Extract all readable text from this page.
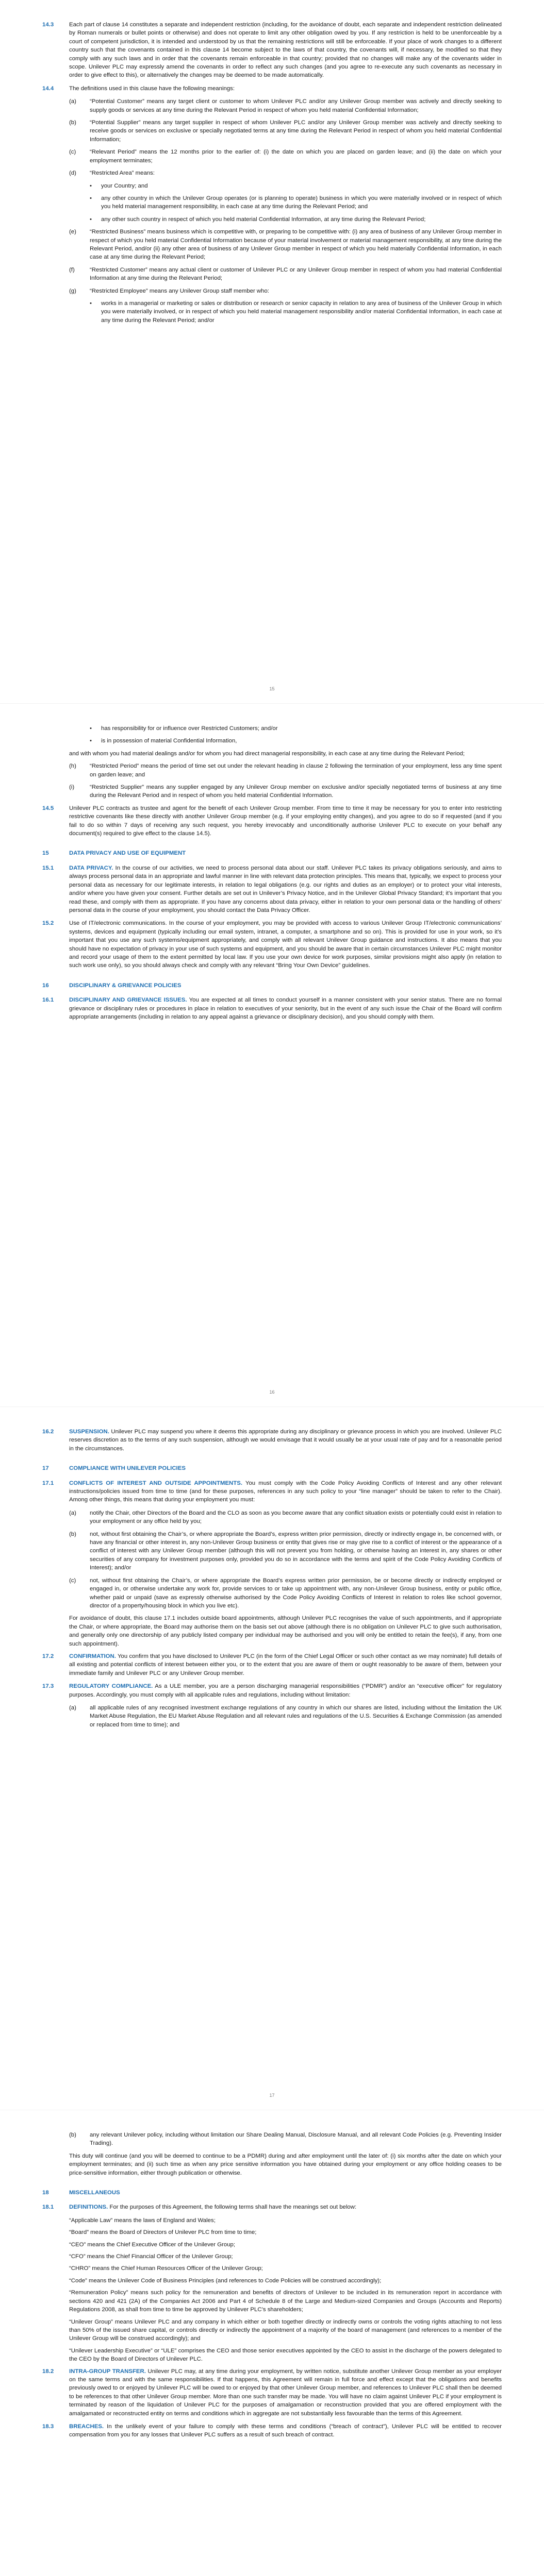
14.3	Each part of clause 14 constitutes a separate and independent restriction (including, for the avoidance of doubt, each separate and independent restriction delineated by Roman numerals or bullet points or otherwise) and does not operate to limit any other obligation owed by you. If any restriction is held to be unenforceable by a court of competent jurisdiction, it is intended and understood by us that the remaining restrictions will still be enforceable. If your place of work changes to a different country such that the covenants contained in this clause 14 become subject to the laws of that country, the covenants will, if necessary, be modified so that they comply with any such laws and in order that the covenants remain enforceable in that country; provided that no changes will make any of the covenants wider in scope. Unilever PLC may expressly amend the covenants in order to reflect any such changes (and you agree to re-execute any such covenants as necessary in order to give effect to this), or alternatively the changes may be deemed to be made automatically.
14.4	The definitions used in this clause have the following meanings:
(a)	“Potential Customer” means any target client or customer to whom Unilever PLC and/or any Unilever Group member was actively and directly seeking to supply goods or services at any time during the Relevant Period in respect of whom you held material Confidential Information;
(b)	“Potential Supplier” means any target supplier in respect of whom Unilever PLC and/or any Unilever Group member was actively and directly seeking to receive goods or services on exclusive or specially negotiated terms at any time during the Relevant Period in respect of whom you held material Confidential Information;
(c)	“Relevant Period” means the 12 months prior to the earlier of: (i) the date on which you are placed on garden leave; and (ii) the date on which your employment terminates;
(d)	“Restricted Area” means:
•	your Country; and
•	any other country in which the Unilever Group operates (or is planning to operate) business in which you were materially involved or in respect of which you held material management responsibility, in each case at any time during the Relevant Period; and
•	any other such country in respect of which you held material Confidential Information, at any time during the Relevant Period;
(e)	“Restricted Business” means business which is competitive with, or preparing to be competitive with: (i) any area of business of any Unilever Group member in respect of which you held material Confidential Information because of your material involvement or material management responsibility, at any time during the Relevant Period, and/or (ii) any other area of business of any Unilever Group member in respect of which you held materially Confidential Information, in each case at any time during the Relevant Period;
(f)	“Restricted Customer” means any actual client or customer of Unilever PLC or any Unilever Group member in respect of whom you had material Confidential Information at any time during the Relevant Period;
(g)	“Restricted Employee” means any Unilever Group staff member who:
•	works in a managerial or marketing or sales or distribution or research or senior capacity in relation to any area of business of the Unilever Group in which you were materially involved, or in respect of which you held material management responsibility and/or material Confidential Information, in each case at any time during the Relevant Period; and/or
15
•	has responsibility for or influence over Restricted Customers; and/or
•	is in possession of material Confidential Information,
and with whom you had material dealings and/or for whom you had direct managerial responsibility, in each case at any time during the Relevant Period;
(h)	“Restricted Period” means the period of time set out under the relevant heading in clause 2 following the termination of your employment, less any time spent on garden leave; and
(i)	“Restricted Supplier” means any supplier engaged by any Unilever Group member on exclusive and/or specially negotiated terms of business at any time during the Relevant Period and in respect of whom you held material Confidential Information.
14.5	Unilever PLC contracts as trustee and agent for the benefit of each Unilever Group member. From time to time it may be necessary for you to enter into restricting restrictive covenants like these directly with another Unilever Group member (e.g. if your employing entity changes), and you agree to do so if requested (and if you fail to do so within 7 days of receiving any such request, you hereby irrevocably and unconditionally authorise Unilever PLC to execute on your behalf any document(s) required to give effect to the clause 14.5).
15	DATA PRIVACY AND USE OF EQUIPMENT
15.1	DATA PRIVACY. In the course of our activities, we need to process personal data about our staff. Unilever PLC takes its privacy obligations seriously, and aims to always process personal data in an appropriate and lawful manner in line with relevant data protection principles. This means that, typically, we expect to process your personal data as necessary for our legitimate interests, in relation to legal obligations (e.g. our rights and duties as an employer) or to protect your vital interests, and/or where you have given your consent. Further details are set out in Unilever’s Privacy Notice, and in the Unilever Global Privacy Standard; it’s important that you read these, and comply with them as appropriate. If you have any concerns about data privacy, either in relation to your own personal data or the handling of others’ personal data in the course of your employment, you should contact the Data Privacy Officer.
15.2	Use of IT/electronic communications. In the course of your employment, you may be provided with access to various Unilever Group IT/electronic communications’ systems, devices and equipment (typically including our email system, intranet, a computer, a smartphone and so on). This is provided for use in your work, so it’s important that you use any such systems/equipment appropriately, and comply with all relevant Unilever Group guidance and instructions. It also means that you should have no expectation of privacy in your use of such systems and equipment, and you should be aware that in certain circumstances Unilever PLC might monitor and record your usage of them to the extent permitted by local law. If you use your own device for work purposes, similar provisions might also apply (in relation to such work use only), so you should always check and comply with any relevant “Bring Your Own Device” guidelines.
16	DISCIPLINARY & GRIEVANCE POLICIES
16.1	DISCIPLINARY AND GRIEVANCE ISSUES. You are expected at all times to conduct yourself in a manner consistent with your senior status. There are no formal grievance or disciplinary rules or procedures in place in relation to executives of your seniority, but in the event of any such issue the Chair of the Board will confirm appropriate arrangements (including in relation to any appeal against a grievance or disciplinary decision), and you should comply with them.
16
16.2	SUSPENSION. Unilever PLC may suspend you where it deems this appropriate during any disciplinary or grievance process in which you are involved. Unilever PLC reserves discretion as to the terms of any such suspension, although we would envisage that it would usually be at your usual rate of pay and for a reasonable period in the circumstances.
17	COMPLIANCE WITH UNILEVER POLICIES
17.1	CONFLICTS OF INTEREST AND OUTSIDE APPOINTMENTS. You must comply with the Code Policy Avoiding Conflicts of Interest and any other relevant instructions/policies issued from time to time (and for these purposes, references in any such policy to your “line manager” should be taken to refer to the Chair). Among other things, this means that during your employment you must:
(a)	notify the Chair, other Directors of the Board and the CLO as soon as you become aware that any conflict situation exists or potentially could exist in relation to your employment or any office held by you;
(b)	not, without first obtaining the Chair’s, or where appropriate the Board’s, express written prior permission, directly or indirectly engage in, be concerned with, or have any financial or other interest in, any non-Unilever Group business or entity that gives rise or may give rise to a conflict of interest or the appearance of a conflict of interest with any Unilever Group member (although this will not prevent you from holding, or otherwise having an interest in, any shares or other securities of any company for investment purposes only, provided you do so in accordance with the terms and spirit of the Code Policy Avoiding Conflicts of Interest); and/or
(c)	not, without first obtaining the Chair’s, or where appropriate the Board’s express written prior permission, be or become directly or indirectly employed or engaged in, or otherwise undertake any work for, provide services to or take up appointment with, any non-Unilever Group business, entity or public office, whether paid or unpaid (save as expressly otherwise authorised by the Code Policy Avoiding Conflicts of Interest in relation to roles like school governor, director of a property/housing block in which you live etc).
For avoidance of doubt, this clause 17.1 includes outside board appointments, although Unilever PLC recognises the value of such appointments, and if appropriate the Chair, or where appropriate, the Board may authorise them on the basis set out above (although there is no obligation on Unilever PLC to give such authorisation, and generally only one directorship of any publicly listed company per individual may be authorised and you will only be entitled to retain the fee(s), if any, from one such appointment).
17.2	CONFIRMATION. You confirm that you have disclosed to Unilever PLC (in the form of the Chief Legal Officer or such other contact as we may nominate) full details of all existing and potential conflicts of interest between either you, or to the extent that you are aware of them or ought reasonably to be aware of them, between your immediate family and Unilever PLC or any Unilever Group member.
17.3	REGULATORY COMPLIANCE. As a ULE member, you are a person discharging managerial responsibilities (“PDMR”) and/or an “executive officer” for regulatory purposes. Accordingly, you must comply with all applicable rules and regulations, including without limitation:
(a)	all applicable rules of any recognised investment exchange regulations of any country in which our shares are listed, including without the limitation the UK Market Abuse Regulation, the EU Market Abuse Regulation and all relevant rules and regulations of the U.S. Securities & Exchange Commission (as amended or replaced from time to time); and
17
(b)	any relevant Unilever policy, including without limitation our Share Dealing Manual, Disclosure Manual, and all relevant Code Policies (e.g. Preventing Insider Trading).
This duty will continue (and you will be deemed to continue to be a PDMR) during and after employment until the later of: (i) six months after the date on which your employment terminates; and (ii) such time as when any price sensitive information you have obtained during your employment or any office holding ceases to be price-sensitive information, either through publication or otherwise.
18	MISCELLANEOUS
18.1	DEFINITIONS. For the purposes of this Agreement, the following terms shall have the meanings set out below:
“Applicable Law” means the laws of England and Wales;
“Board” means the Board of Directors of Unilever PLC from time to time;
“CEO” means the Chief Executive Officer of the Unilever Group;
“CFO” means the Chief Financial Officer of the Unilever Group;
“CHRO” means the Chief Human Resources Officer of the Unilever Group;
“Code” means the Unilever Code of Business Principles (and references to Code Policies will be construed accordingly);
“Remuneration Policy” means such policy for the remuneration and benefits of directors of Unilever to be included in its remuneration report in accordance with sections 420 and 421 (2A) of the Companies Act 2006 and Part 4 of Schedule 8 of the Large and Medium-sized Companies and Groups (Accounts and Reports) Regulations 2008, as shall from time to time be approved by Unilever PLC’s shareholders;
“Unilever Group” means Unilever PLC and any company in which either or both together directly or indirectly owns or controls the voting rights attaching to not less than 50% of the issued share capital, or controls directly or indirectly the appointment of a majority of the board of management (and references to a member of the Unilever Group will be construed accordingly); and
“Unilever Leadership Executive” or “ULE” comprises the CEO and those senior executives appointed by the CEO to assist in the discharge of the powers delegated to the CEO by the Board of Directors of Unilever PLC.
18.2	INTRA-GROUP TRANSFER. Unilever PLC may, at any time during your employment, by written notice, substitute another Unilever Group member as your employer on the same terms and with the same responsibilities. If that happens, this Agreement will remain in full force and effect except that the obligations and benefits previously owed to or enjoyed by Unilever PLC will be owed to or enjoyed by that other Unilever Group member, and references to Unilever PLC shall then be deemed to be references to that other Unilever Group member. More than one such transfer may be made. You will have no claim against Unilever PLC if your employment is terminated by reason of the liquidation of Unilever PLC for the purposes of amalgamation or reconstruction provided that you are offered employment with the amalgamated or reconstructed entity on terms and conditions which in aggregate are not substantially less favourable than the terms of this Agreement.
18.3	BREACHES. In the unlikely event of your failure to comply with these terms and conditions (“breach of contract”), Unilever PLC will be entitled to recover compensation from you for any losses that Unilever PLC suffers as a result of such breach of contract.
